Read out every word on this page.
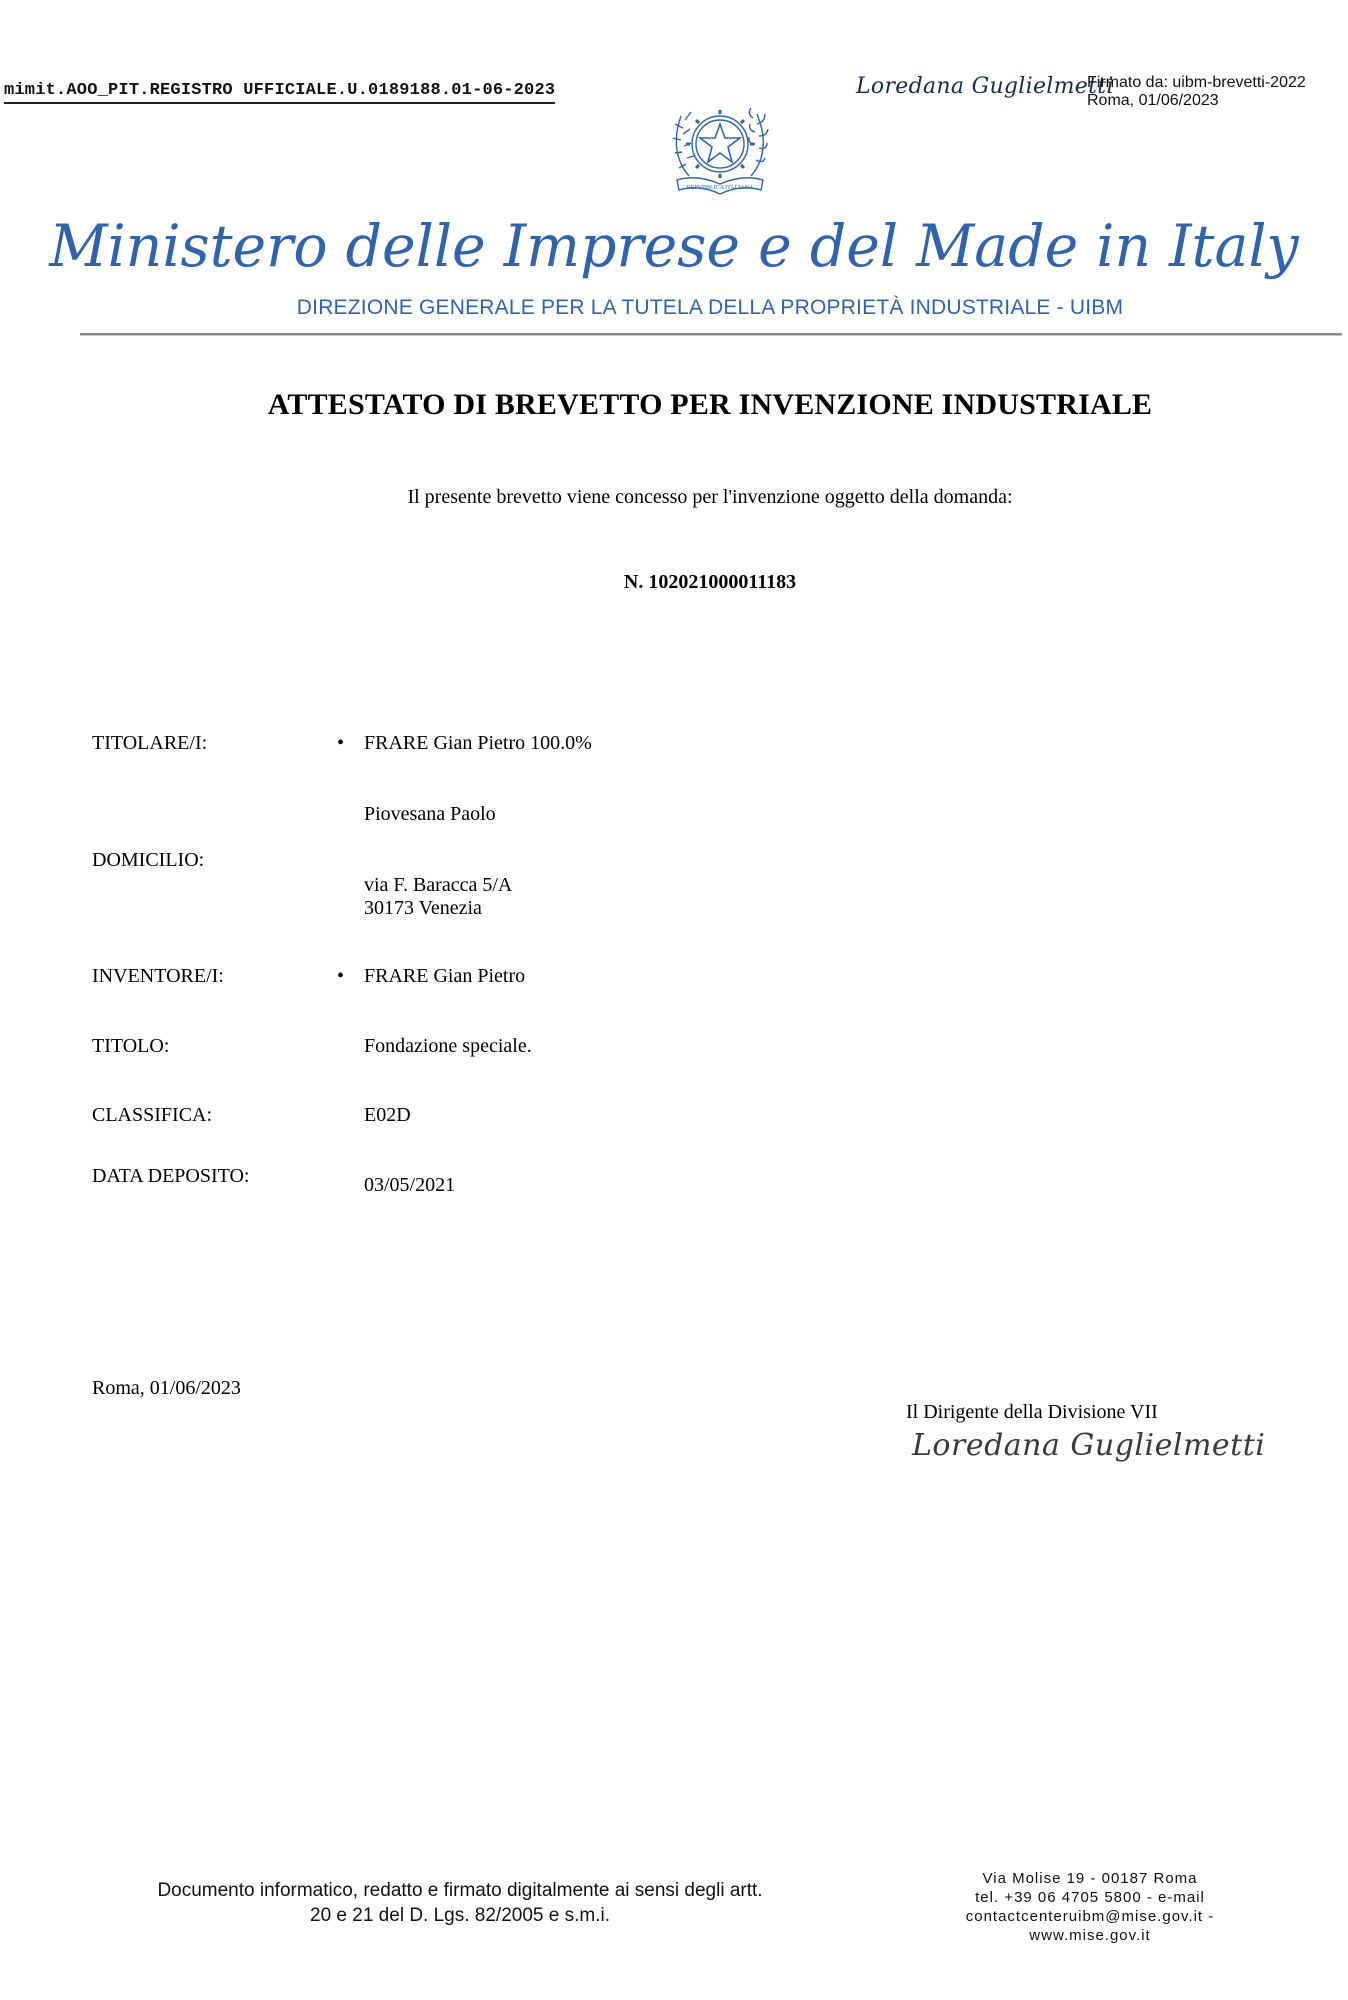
mimit.AOO_PIT.REGISTRO UFFICIALE.U.0189188.01-06-2023	Loredana Guglielmetti
Firmato da: uibm-brevetti-2022
Roma, 01/06/2023
REPVBBLICA ITALIANA
Ministero delle Imprese e del Made in Italy
DIREZIONE GENERALE PER LA TUTELA DELLA PROPRIETÀ INDUSTRIALE - UIBM
ATTESTATO DI BREVETTO PER INVENZIONE INDUSTRIALE
Il presente brevetto viene concesso per l'invenzione oggetto della domanda:
N. 102021000011183
TITOLARE/I:	• FRARE Gian Pietro 100.0%
Piovesana Paolo
DOMICILIO:
via F. Baracca 5/A
30173 Venezia
INVENTORE/I:	• FRARE Gian Pietro
TITOLO:	Fondazione speciale.
CLASSIFICA:	E02D
DATA DEPOSITO:	03/05/2021
Roma, 01/06/2023
Il Dirigente della Divisione VII
Loredana Guglielmetti
Documento informatico, redatto e firmato digitalmente ai sensi degli artt.
20 e 21 del D. Lgs. 82/2005 e s.m.i.
Via Molise 19 - 00187 Roma
tel. +39 06 4705 5800 - e-mail
contactcenteruibm@mise.gov.it -
www.mise.gov.it
